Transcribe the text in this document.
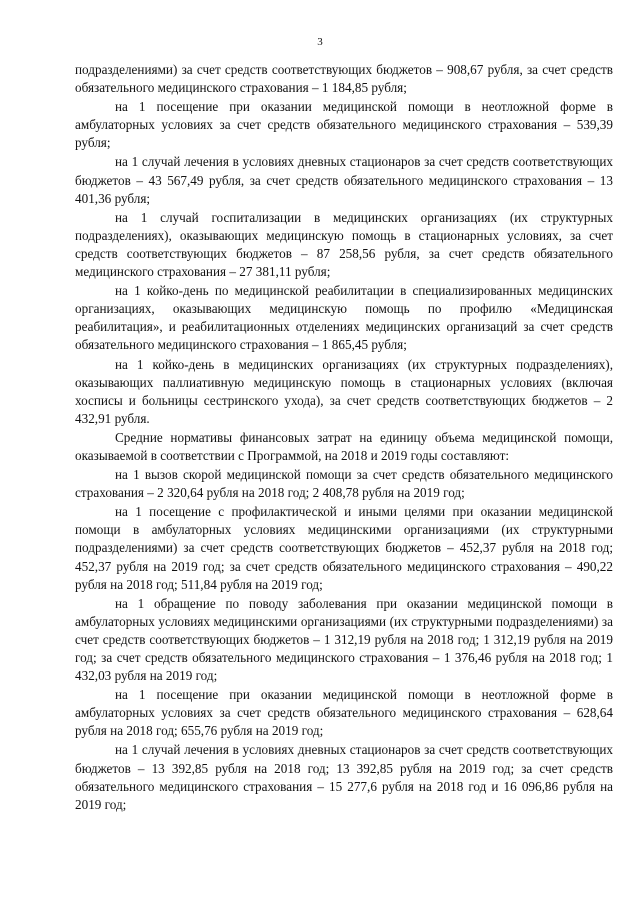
3

подразделениями) за счет средств соответствующих бюджетов – 908,67 рубля, за счет средств обязательного медицинского страхования – 1 184,85 рубля;

на 1 посещение при оказании медицинской помощи в неотложной форме в амбулаторных условиях за счет средств обязательного медицинского страхования – 539,39 рубля;

на 1 случай лечения в условиях дневных стационаров за счет средств соответствующих бюджетов – 43 567,49 рубля, за счет средств обязательного медицинского страхования – 13 401,36 рубля;

на 1 случай госпитализации в медицинских организациях (их структурных подразделениях), оказывающих медицинскую помощь в стационарных условиях, за счет средств соответствующих бюджетов – 87 258,56 рубля, за счет средств обязательного медицинского страхования – 27 381,11 рубля;

на 1 койко-день по медицинской реабилитации в специализированных медицинских организациях, оказывающих медицинскую помощь по профилю «Медицинская реабилитация», и реабилитационных отделениях медицинских организаций за счет средств обязательного медицинского страхования – 1 865,45 рубля;

на 1 койко-день в медицинских организациях (их структурных подразделениях), оказывающих паллиативную медицинскую помощь в стационарных условиях (включая хосписы и больницы сестринского ухода), за счет средств соответствующих бюджетов – 2 432,91 рубля.

Средние нормативы финансовых затрат на единицу объема медицинской помощи, оказываемой в соответствии с Программой, на 2018 и 2019 годы составляют:

на 1 вызов скорой медицинской помощи за счет средств обязательного медицинского страхования – 2 320,64 рубля на 2018 год; 2 408,78 рубля на 2019 год;

на 1 посещение с профилактической и иными целями при оказании медицинской помощи в амбулаторных условиях медицинскими организациями (их структурными подразделениями) за счет средств соответствующих бюджетов – 452,37 рубля на 2018 год; 452,37 рубля на 2019 год; за счет средств обязательного медицинского страхования – 490,22 рубля на 2018 год; 511,84 рубля на 2019 год;

на 1 обращение по поводу заболевания при оказании медицинской помощи в амбулаторных условиях медицинскими организациями (их структурными подразделениями) за счет средств соответствующих бюджетов – 1 312,19 рубля на 2018 год; 1 312,19 рубля на 2019 год; за счет средств обязательного медицинского страхования – 1 376,46 рубля на 2018 год; 1 432,03 рубля на 2019 год;

на 1 посещение при оказании медицинской помощи в неотложной форме в амбулаторных условиях за счет средств обязательного медицинского страхования – 628,64 рубля на 2018 год; 655,76 рубля на 2019 год;

на 1 случай лечения в условиях дневных стационаров за счет средств соответствующих бюджетов – 13 392,85 рубля на 2018 год; 13 392,85 рубля на 2019 год; за счет средств обязательного медицинского страхования – 15 277,6 рубля на 2018 год и 16 096,86 рубля на 2019 год;
